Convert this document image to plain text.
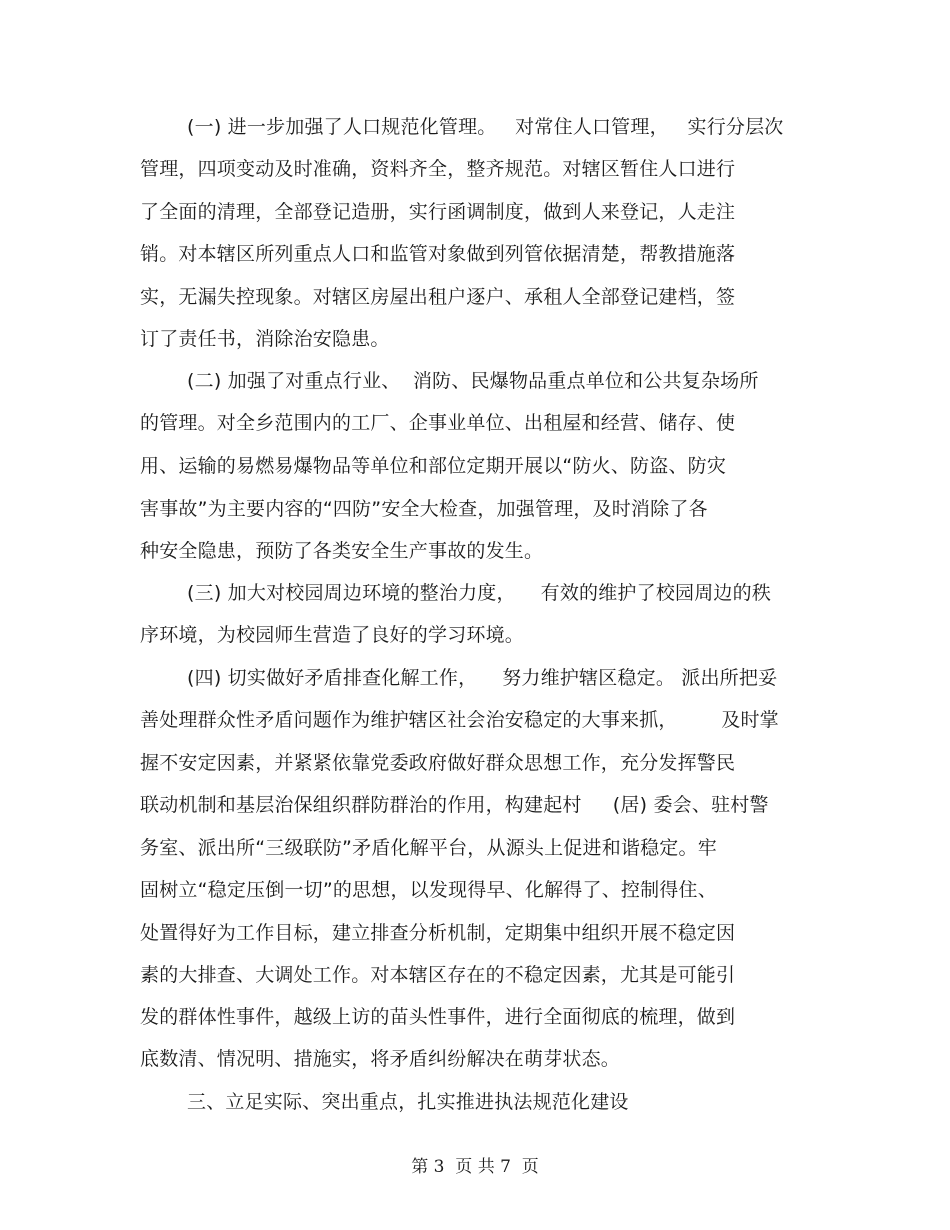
(一) 进一步加强了人口规范化管理。   对常住人口管理，   实行分层次
管理，四项变动及时准确，资料齐全，整齐规范。对辖区暂住人口进行
了全面的清理，全部登记造册，实行函调制度，做到人来登记，人走注
销。对本辖区所列重点人口和监管对象做到列管依据清楚，帮教措施落
实，无漏失控现象。对辖区房屋出租户逐户、承租人全部登记建档，签
订了责任书，消除治安隐患。
(二) 加强了对重点行业、  消防、民爆物品重点单位和公共复杂场所
的管理。对全乡范围内的工厂、企事业单位、出租屋和经营、储存、使
用、运输的易燃易爆物品等单位和部位定期开展以“防火、防盗、防灾
害事故”为主要内容的“四防”安全大检查，加强管理，及时消除了各
种安全隐患，预防了各类安全生产事故的发生。
(三) 加大对校园周边环境的整治力度，    有效的维护了校园周边的秩
序环境，为校园师生营造了良好的学习环境。
(四) 切实做好矛盾排查化解工作，    努力维护辖区稳定。 派出所把妥
善处理群众性矛盾问题作为维护辖区社会治安稳定的大事来抓，       及时掌
握不安定因素，并紧紧依靠党委政府做好群众思想工作，充分发挥警民
联动机制和基层治保组织群防群治的作用，构建起村     (居) 委会、驻村警
务室、派出所“三级联防”矛盾化解平台，从源头上促进和谐稳定。牢
固树立“稳定压倒一切”的思想，以发现得早、化解得了、控制得住、
处置得好为工作目标，建立排查分析机制，定期集中组织开展不稳定因
素的大排查、大调处工作。对本辖区存在的不稳定因素，尤其是可能引
发的群体性事件，越级上访的苗头性事件，进行全面彻底的梳理，做到
底数清、情况明、措施实，将矛盾纠纷解决在萌芽状态。
三、立足实际、突出重点，扎实推进执法规范化建设
第 3  页 共 7  页
